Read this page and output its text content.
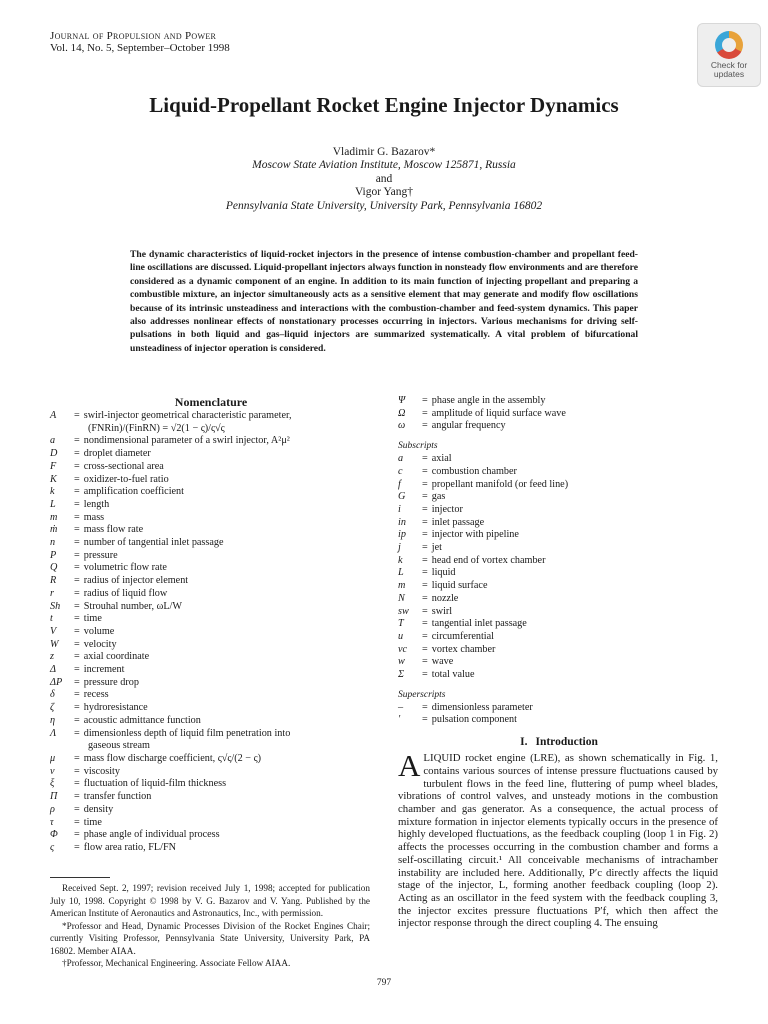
Journal of Propulsion and Power
Vol. 14, No. 5, September–October 1998
Check for updates
Liquid-Propellant Rocket Engine Injector Dynamics
Vladimir G. Bazarov*
Moscow State Aviation Institute, Moscow 125871, Russia
and
Vigor Yang†
Pennsylvania State University, University Park, Pennsylvania 16802
The dynamic characteristics of liquid-rocket injectors in the presence of intense combustion-chamber and propellant feed-line oscillations are discussed. Liquid-propellant injectors always function in nonsteady flow environments and are therefore considered as a dynamic component of an engine. In addition to its main function of injecting propellant and preparing a combustible mixture, an injector simultaneously acts as a sensitive element that may generate and modify flow oscillations because of its intrinsic unsteadiness and interactions with the combustion-chamber and feed-system dynamics. This paper also addresses nonlinear effects of nonstationary processes occurring in injectors. Various mechanisms for driving self-pulsations in both liquid and gas–liquid injectors are summarized systematically. A vital problem of bifurcational unsteadiness of injector operation is considered.
Nomenclature
A = swirl-injector geometrical characteristic parameter,
(FNRin)/(FinRN) = √2(1 − ς)/ς√ς
a = nondimensional parameter of a swirl injector, A²μ²
D = droplet diameter
F = cross-sectional area
K = oxidizer-to-fuel ratio
k = amplification coefficient
L = length
m = mass
ṁ = mass flow rate
n = number of tangential inlet passage
P = pressure
Q = volumetric flow rate
R = radius of injector element
r = radius of liquid flow
Sh = Strouhal number, ωL/W
t = time
V = volume
W = velocity
z = axial coordinate
Δ = increment
ΔP = pressure drop
δ = recess
ζ = hydroresistance
η = acoustic admittance function
Λ = dimensionless depth of liquid film penetration into
gaseous stream
μ = mass flow discharge coefficient, ς√ς/(2 − ς)
ν = viscosity
ξ = fluctuation of liquid-film thickness
Π = transfer function
ρ = density
τ = time
Φ = phase angle of individual process
ς = flow area ratio, FL/FN
Ψ = phase angle in the assembly
Ω = amplitude of liquid surface wave
ω = angular frequency
Subscripts
a = axial
c = combustion chamber
f = propellant manifold (or feed line)
G = gas
i = injector
in = inlet passage
ip = injector with pipeline
j = jet
k = head end of vortex chamber
L = liquid
m = liquid surface
N = nozzle
sw = swirl
T = tangential inlet passage
u = circumferential
vc = vortex chamber
w = wave
Σ = total value
Superscripts
– = dimensionless parameter
′ = pulsation component
I. Introduction
ALIQUID rocket engine (LRE), as shown schematically in Fig. 1, contains various sources of intense pressure fluctuations caused by turbulent flows in the feed line, fluttering of pump wheel blades, vibrations of control valves, and unsteady motions in the combustion chamber and gas generator. As a consequence, the actual process of mixture formation in injector elements typically occurs in the presence of highly developed fluctuations, as the feedback coupling (loop 1 in Fig. 2) affects the processes occurring in the combustion chamber and forms a self-oscillating circuit.¹ All conceivable mechanisms of intrachamber instability are included here. Additionally, P′c directly affects the liquid stage of the injector, L, forming another feedback coupling (loop 2). Acting as an oscillator in the feed system with the feedback coupling 3, the injector excites pressure fluctuations P′f, which then affect the injector response through the direct coupling 4. The ensuing

Received Sept. 2, 1997; revision received July 1, 1998; accepted for publication July 10, 1998. Copyright © 1998 by V. G. Bazarov and V. Yang. Published by the American Institute of Aeronautics and Astronautics, Inc., with permission.

*Professor and Head, Dynamic Processes Division of the Rocket Engines Chair; currently Visiting Professor, Pennsylvania State University, University Park, PA 16802. Member AIAA.

†Professor, Mechanical Engineering. Associate Fellow AIAA.

797
